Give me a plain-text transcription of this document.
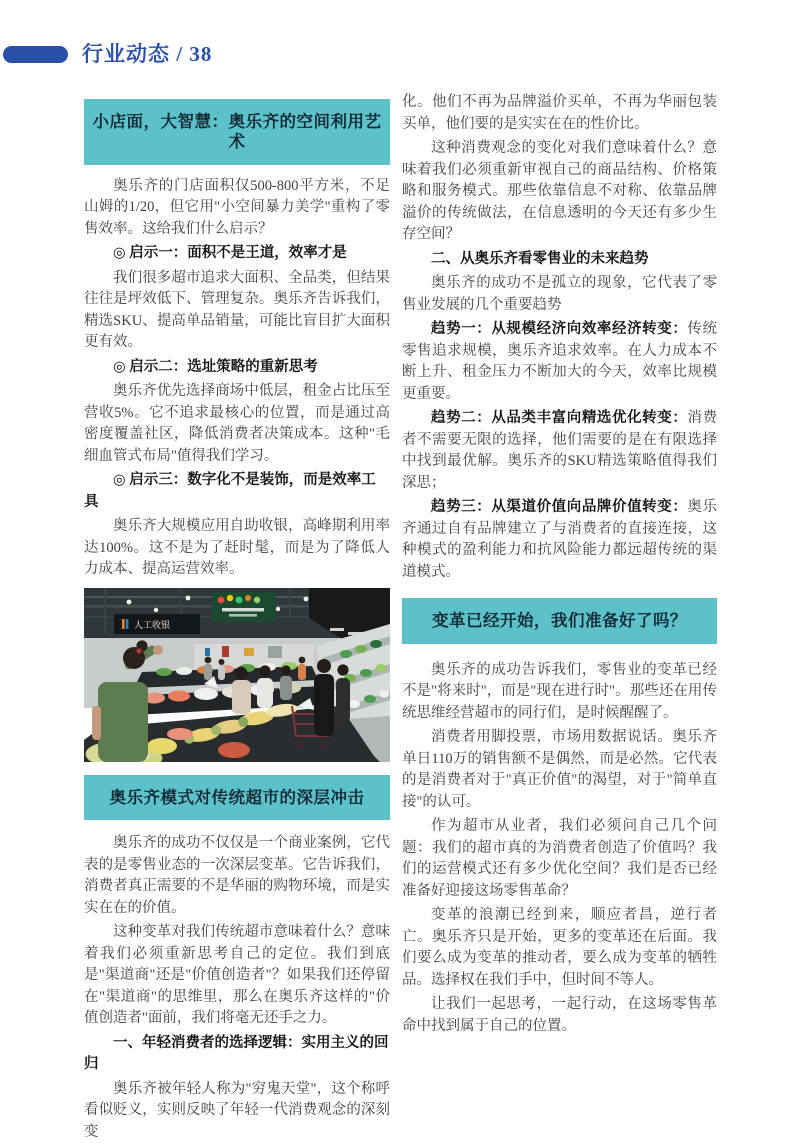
行业动态 / 38
小店面，大智慧：奥乐齐的空间利用艺术

奥乐齐的门店面积仅500-800平方米，不足山姆的1/20，但它用"小空间暴力美学"重构了零售效率。这给我们什么启示？

◎ 启示一：面积不是王道，效率才是

我们很多超市追求大面积、全品类，但结果往往是坪效低下、管理复杂。奥乐齐告诉我们，精选SKU、提高单品销量，可能比盲目扩大面积更有效。

◎ 启示二：选址策略的重新思考

奥乐齐优先选择商场中低层，租金占比压至营收5%。它不追求最核心的位置，而是通过高密度覆盖社区，降低消费者决策成本。这种"毛细血管式布局"值得我们学习。

◎ 启示三：数字化不是装饰，而是效率工具

奥乐齐大规模应用自助收银，高峰期利用率达100%。这不是为了赶时髦，而是为了降低人力成本、提高运营效率。

人工收银
奥乐齐模式对传统超市的深层冲击

奥乐齐的成功不仅仅是一个商业案例，它代表的是零售业态的一次深层变革。它告诉我们，消费者真正需要的不是华丽的购物环境，而是实实在在的价值。

这种变革对我们传统超市意味着什么？意味着我们必须重新思考自己的定位。我们到底是"渠道商"还是"价值创造者"？如果我们还停留在"渠道商"的思维里，那么在奥乐齐这样的"价值创造者"面前，我们将毫无还手之力。

一、年轻消费者的选择逻辑：实用主义的回归

奥乐齐被年轻人称为"穷鬼天堂"，这个称呼看似贬义，实则反映了年轻一代消费观念的深刻变

化。他们不再为品牌溢价买单，不再为华丽包装买单，他们要的是实实在在的性价比。

这种消费观念的变化对我们意味着什么？意味着我们必须重新审视自己的商品结构、价格策略和服务模式。那些依靠信息不对称、依靠品牌溢价的传统做法，在信息透明的今天还有多少生存空间？

二、从奥乐齐看零售业的未来趋势

奥乐齐的成功不是孤立的现象，它代表了零售业发展的几个重要趋势

趋势一：从规模经济向效率经济转变：传统零售追求规模，奥乐齐追求效率。在人力成本不断上升、租金压力不断加大的今天，效率比规模更重要。

趋势二：从品类丰富向精选优化转变：消费者不需要无限的选择，他们需要的是在有限选择中找到最优解。奥乐齐的SKU精选策略值得我们深思；

趋势三：从渠道价值向品牌价值转变：奥乐齐通过自有品牌建立了与消费者的直接连接，这种模式的盈利能力和抗风险能力都远超传统的渠道模式。

变革已经开始，我们准备好了吗？

奥乐齐的成功告诉我们，零售业的变革已经不是"将来时"，而是"现在进行时"。那些还在用传统思维经营超市的同行们，是时候醒醒了。

消费者用脚投票，市场用数据说话。奥乐齐单日110万的销售额不是偶然，而是必然。它代表的是消费者对于"真正价值"的渴望，对于"简单直接"的认可。

作为超市从业者，我们必须问自己几个问题：我们的超市真的为消费者创造了价值吗？我们的运营模式还有多少优化空间？我们是否已经准备好迎接这场零售革命？

变革的浪潮已经到来，顺应者昌，逆行者亡。奥乐齐只是开始，更多的变革还在后面。我们要么成为变革的推动者，要么成为变革的牺牲品。选择权在我们手中，但时间不等人。

让我们一起思考，一起行动，在这场零售革命中找到属于自己的位置。
